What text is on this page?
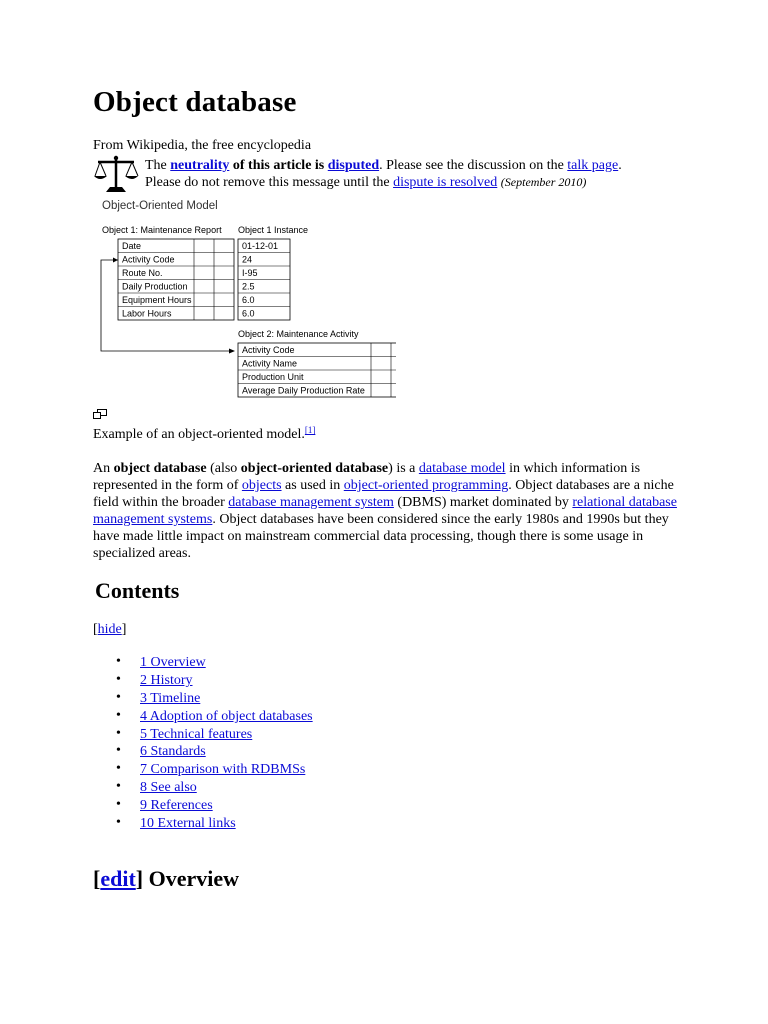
Object database
From Wikipedia, the free encyclopedia
The neutrality of this article is disputed. Please see the discussion on the talk page.
Please do not remove this message until the dispute is resolved (September 2010)
Object-Oriented Model
Object 1: Maintenance Report Object 1 Instance
Date
Activity Code
Route No.
Daily Production
Equipment Hours
Labor Hours
01-12-01
24
I-95
2.5
6.0
6.0
Object 2: Maintenance Activity
Activity Code
Activity Name
Production Unit
Average Daily Production Rate
Example of an object-oriented model.[1]
An object database (also object-oriented database) is a database model in which information is represented in the form of objects as used in object-oriented programming. Object databases are a niche field within the broader database management system (DBMS) market dominated by relational database management systems. Object databases have been considered since the early 1980s and 1990s but they have made little impact on mainstream commercial data processing, though there is some usage in specialized areas.
Contents
[hide]
• 1 Overview
• 2 History
• 3 Timeline
• 4 Adoption of object databases
• 5 Technical features
• 6 Standards
• 7 Comparison with RDBMSs
• 8 See also
• 9 References
• 10 External links
[edit] Overview
